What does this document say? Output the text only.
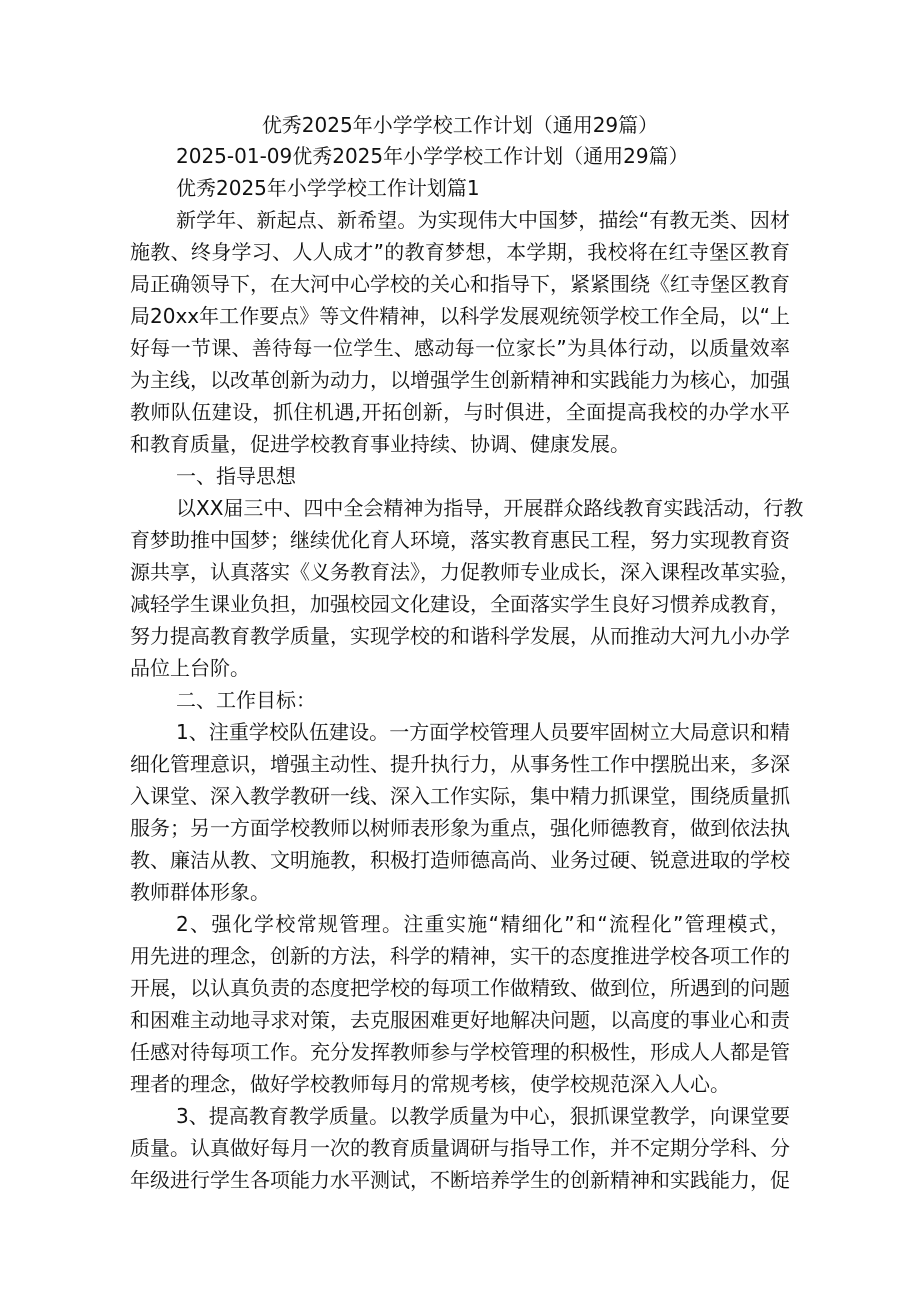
优秀2025年小学学校工作计划（通用29篇）
2025-01-09优秀2025年小学学校工作计划（通用29篇）
优秀2025年小学学校工作计划篇1
新学年、新起点、新希望。为实现伟大中国梦，描绘“有教无类、因材
施教、终身学习、人人成才”的教育梦想，本学期，我校将在红寺堡区教育
局正确领导下，在大河中心学校的关心和指导下，紧紧围绕《红寺堡区教育
局20xx年工作要点》等文件精神，以科学发展观统领学校工作全局，以“上
好每一节课、善待每一位学生、感动每一位家长”为具体行动，以质量效率
为主线，以改革创新为动力，以增强学生创新精神和实践能力为核心，加强
教师队伍建设，抓住机遇,开拓创新，与时俱进，全面提高我校的办学水平
和教育质量，促进学校教育事业持续、协调、健康发展。
一、指导思想
以XX届三中、四中全会精神为指导，开展群众路线教育实践活动，行教
育梦助推中国梦；继续优化育人环境，落实教育惠民工程，努力实现教育资
源共享，认真落实《义务教育法》，力促教师专业成长，深入课程改革实验，
减轻学生课业负担，加强校园文化建设，全面落实学生良好习惯养成教育，
努力提高教育教学质量，实现学校的和谐科学发展，从而推动大河九小办学
品位上台阶。
二、工作目标：
1、注重学校队伍建设。一方面学校管理人员要牢固树立大局意识和精
细化管理意识，增强主动性、提升执行力，从事务性工作中摆脱出来，多深
入课堂、深入教学教研一线、深入工作实际，集中精力抓课堂，围绕质量抓
服务；另一方面学校教师以树师表形象为重点，强化师德教育，做到依法执
教、廉洁从教、文明施教，积极打造师德高尚、业务过硬、锐意进取的学校
教师群体形象。
2、强化学校常规管理。注重实施“精细化”和“流程化”管理模式，
用先进的理念，创新的方法，科学的精神，实干的态度推进学校各项工作的
开展，以认真负责的态度把学校的每项工作做精致、做到位，所遇到的问题
和困难主动地寻求对策，去克服困难更好地解决问题，以高度的事业心和责
任感对待每项工作。充分发挥教师参与学校管理的积极性，形成人人都是管
理者的理念，做好学校教师每月的常规考核，使学校规范深入人心。
3、提高教育教学质量。以教学质量为中心，狠抓课堂教学，向课堂要
质量。认真做好每月一次的教育质量调研与指导工作，并不定期分学科、分
年级进行学生各项能力水平测试，不断培养学生的创新精神和实践能力，促
